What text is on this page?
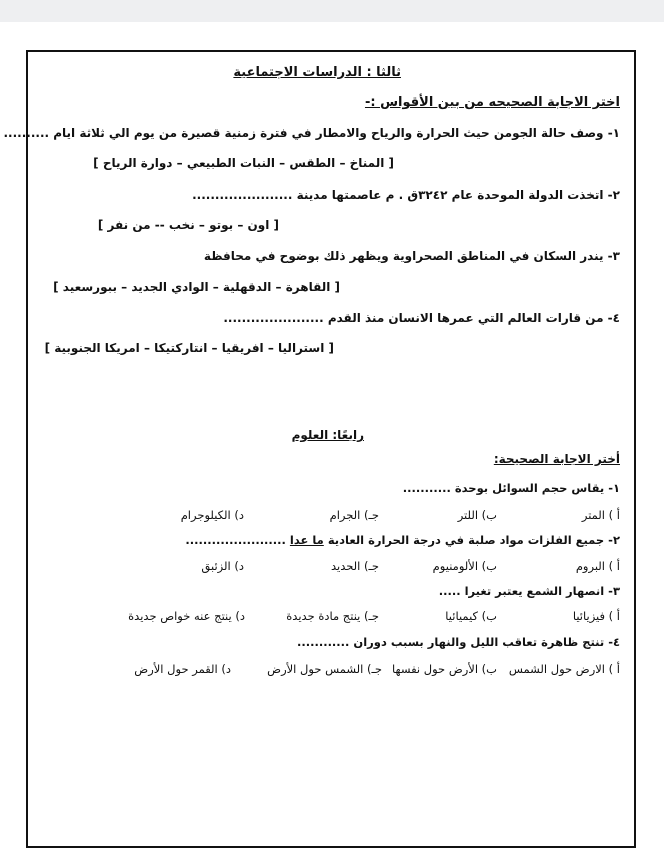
ثالثا : الدراسات الاجتماعية
اختر الاجابة الصحيحه من بين الأقواس :-
١- وصف حالة الجومن حيث الحرارة والرياح والامطار في فترة زمنية قصيرة من يوم الي ثلاثة ايام ..........
[ المناخ – الطقس – النبات الطبيعي – دوارة الرياح ]
٢- اتخذت الدولة الموحدة عام ٣٢٤٢ق . م عاصمتها مدينة ......................
[ اون – بوتو – نخب -- من نفر ]
٣- يندر السكان في المناطق الصحراوية ويظهر ذلك بوضوح في محافظة
[ القاهرة – الدقهلية – الوادي الجديد – ببورسعيد ]
٤- من قارات العالم التي عمرها الانسان منذ القدم ......................
[ استراليا – افريقيا – انتاركتيكا – امريكا الجنوبية ]
رابعًا: العلوم
أختر الاجابة الصحيحة:
١- يقاس حجم السوائل بوحدة ...........
أ ) المتر
ب) اللتر
جـ) الجرام
د) الكيلوجرام
٢- جميع الفلزات مواد صلبة في درجة الحرارة العادية ما عدا .......................
أ ) البروم
ب) الألومنيوم
جـ) الحديد
د) الزئبق
٣- انصهار الشمع يعتبر تغيرا .....
أ ) فيزيائيا
ب) كيميائيا
جـ) ينتج مادة جديدة
د) ينتج عنه خواص جديدة
٤- تنتج ظاهرة تعاقب الليل والنهار بسبب دوران ............
أ ) الارض حول الشمس
ب) الأرض حول نفسها
جـ) الشمس حول الأرض
د) القمر حول الأرض
